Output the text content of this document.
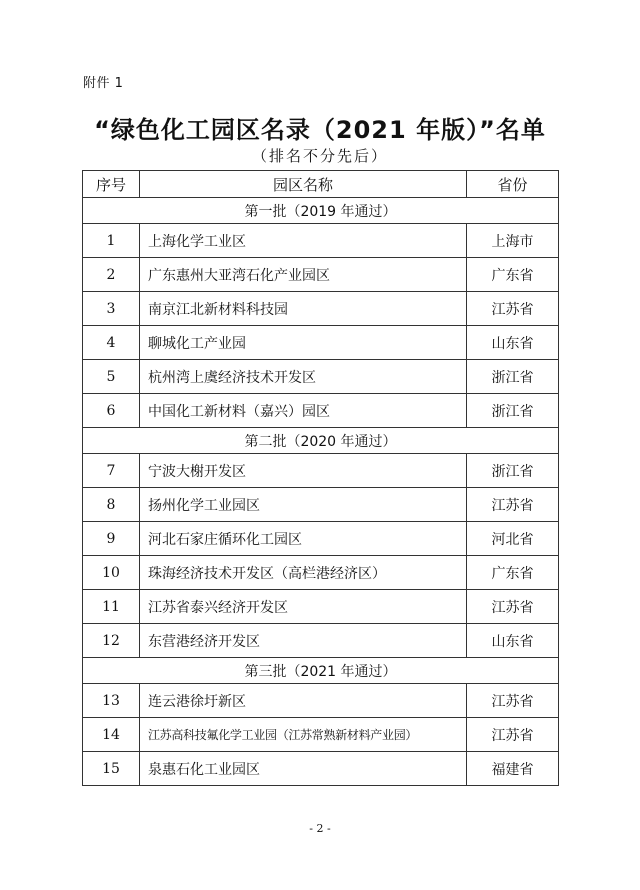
附件 1
“绿色化工园区名录（2021 年版）”名单
（排名不分先后）
序号	园区名称	省份
第一批（2019 年通过）		
1	上海化学工业区	上海市
2	广东惠州大亚湾石化产业园区	广东省
3	南京江北新材料科技园	江苏省
4	聊城化工产业园	山东省
5	杭州湾上虞经济技术开发区	浙江省
6	中国化工新材料（嘉兴）园区	浙江省
第二批（2020 年通过）		
7	宁波大榭开发区	浙江省
8	扬州化学工业园区	江苏省
9	河北石家庄循环化工园区	河北省
10	珠海经济技术开发区（高栏港经济区）	广东省
11	江苏省泰兴经济开发区	江苏省
12	东营港经济开发区	山东省
第三批（2021 年通过）		
13	连云港徐圩新区	江苏省
14	江苏高科技氟化学工业园（江苏常熟新材料产业园）	江苏省
15	泉惠石化工业园区	福建省
- 2 -
